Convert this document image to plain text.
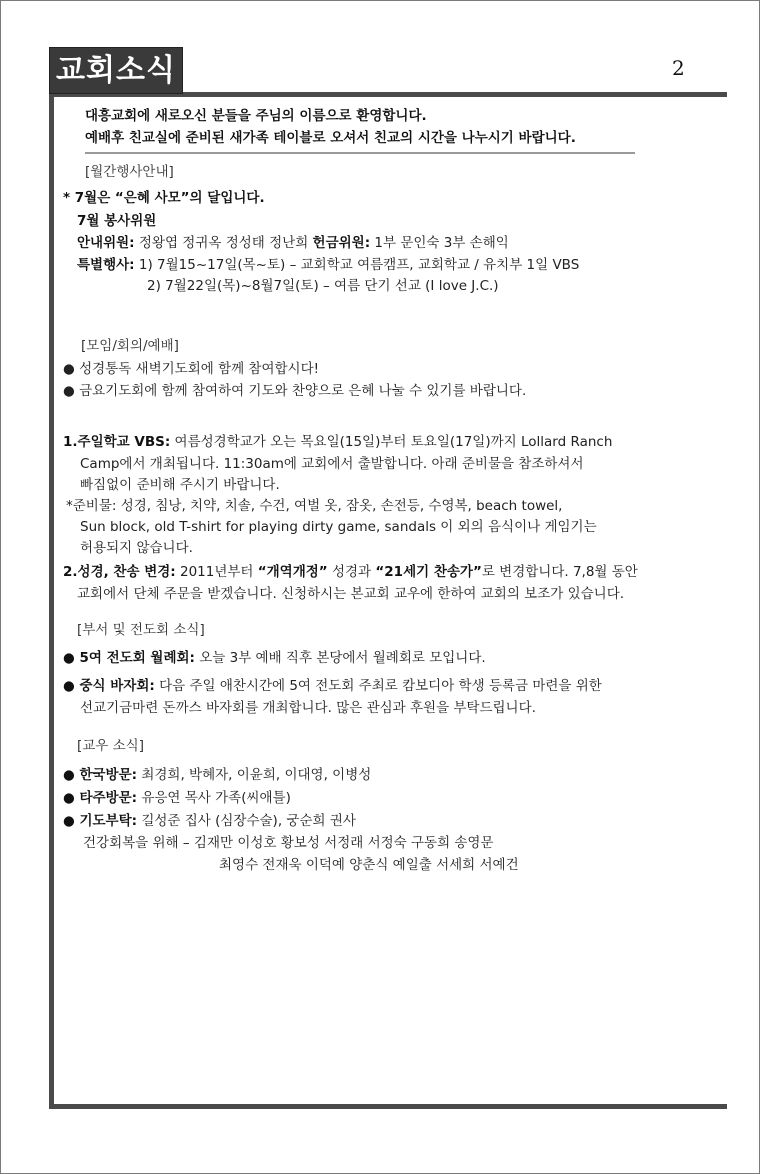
교회소식	2
대흥교회에 새로오신 분들을 주님의 이름으로 환영합니다.
예배후 친교실에 준비된 새가족 테이블로 오셔서 친교의 시간을 나누시기 바랍니다.
[월간행사안내]
* 7월은 “은혜 사모”의 달입니다.
7월 봉사위원
안내위원: 정왕엽 정귀옥 정성태 정난희 헌금위원: 1부 문인숙 3부 손해익
특별행사: 1) 7월15~17일(목~토) – 교회학교 여름캠프, 교회학교 / 유치부 1일 VBS
2) 7월22일(목)~8월7일(토) – 여름 단기 선교 (I love J.C.)
[모임/회의/예배]
● 성경통독 새벽기도회에 함께 참여합시다!
● 금요기도회에 함께 참여하여 기도와 찬양으로 은혜 나눌 수 있기를 바랍니다.
1.주일학교 VBS: 여름성경학교가 오는 목요일(15일)부터 토요일(17일)까지 Lollard Ranch
Camp에서 개최됩니다. 11:30am에 교회에서 출발합니다. 아래 준비물을 참조하셔서
빠짐없이 준비해 주시기 바랍니다.
*준비물: 성경, 침낭, 치약, 치솔, 수건, 여벌 옷, 잠옷, 손전등, 수영복, beach towel,
Sun block, old T-shirt for playing dirty game, sandals 이 외의 음식이나 게임기는
허용되지 않습니다.
2.성경, 찬송 변경: 2011년부터 “개역개정” 성경과 “21세기 찬송가”로 변경합니다. 7,8월 동안
교회에서 단체 주문을 받겠습니다. 신청하시는 본교회 교우에 한하여 교회의 보조가 있습니다.
[부서 및 전도회 소식]
● 5여 전도회 월례회: 오늘 3부 예배 직후 본당에서 월례회로 모입니다.
● 중식 바자회: 다음 주일 애찬시간에 5여 전도회 주최로 캄보디아 학생 등록금 마련을 위한
선교기금마련 돈까스 바자회를 개최합니다. 많은 관심과 후원을 부탁드립니다.
[교우 소식]
● 한국방문: 최경희, 박혜자, 이윤희, 이대영, 이병성
● 타주방문: 유응연 목사 가족(씨애틀)
● 기도부탁: 길성준 집사 (심장수술), 궁순희 권사
건강회복을 위해 – 김재만 이성호 황보성 서정래 서정숙 구동희 송영문
최영수 전재욱 이덕예 양춘식 예일출 서세희 서예건
